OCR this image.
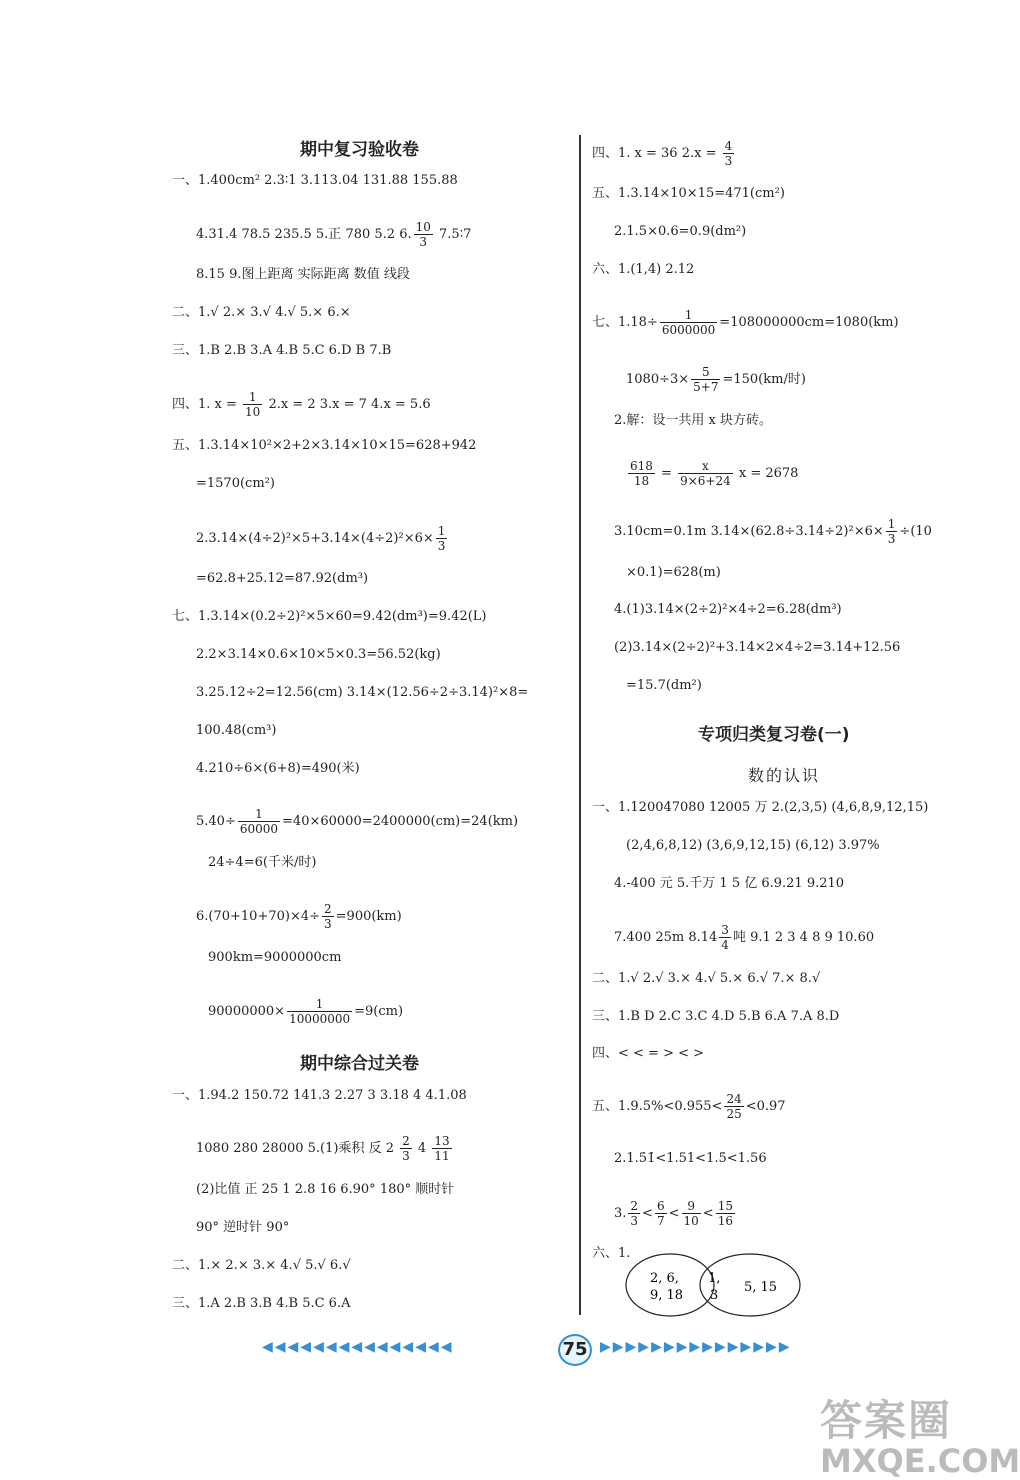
期中复习验收卷
期中综合过关卷
一、1.400cm² 2.3∶1 3.113.04 131.88 155.88
4.31.4 78.5 235.5 5.正 780 5.2 6. $\frac{10}{3}$ 7.5∶7
8.15 9.图上距离 实际距离 数值 线段
二、1.√ 2.× 3.√ 4.√ 5.× 6.×
三、1.B 2.B 3.A 4.B 5.C 6.D B 7.B
四、1. $x = \frac{1}{10} 2.x = 2$ 3.x = 7 4.x = 5.6
五、1.3.14×10²×2+2×3.14×10×15=628+942
=1570(cm²)
$2.3.14\times(4\div 2)^2\times 5+3.14\times(4\div 2)^2\times 6\times \frac{1}{3}$
=62.8+25.12=87.92(dm³)
七、1.3.14×(0.2÷2)²×5×60=9.42(dm³)=9.42(L)
2.2×3.14×0.6×10×5×0.3=56.52(kg)
3.25.12÷2=12.56(cm) 3.14×(12.56÷2÷3.14)²×8=
100.48(cm³)
4.210÷6×(6+8)=490(米)
$5.40\div \frac{1}{60000} =40\times 60000=2400000(cm)=24(km)$
24÷4=6(千米/时)
$6.(70+10+70)\times 4\div \frac{2}{3} =900(km)$
900km=9000000cm
$90000000\times \frac{1}{10000000} =9(cm)$
一、1.94.2 150.72 141.3 2.27 3 3.18 4 4.1.08
1080 280 28000 5.(1)乘积 反 $2 \frac{2}{3} 4 \frac{13}{11}$
(2)比值 正 25 1 2.8 16 6.90° 180° 顺时针
90° 逆时针 90°
二、1.× 2.× 3.× 4.√ 5.√ 6.√
三、1.A 2.B 3.B 4.B 5.C 6.A
专项归类复习卷(一)
数的认识
四、1. x = 36 $2.x = \frac{4}{3}$
五、1.3.14×10×15=471(cm²)
2.1.5×0.6=0.9(dm²)
六、1.(1,4) 2.12
七、$1.18\div \frac{1}{6000000} =108000000cm=1080(km)$
$1080\div 3\times \frac{5}{5+7} =150(km/$时)
2.解：设一共用 x 块方砖。
$\frac{618}{18} = \frac{x}{9\times 6+24}$ x = 2678
3.10cm=0.1m $3.14\times(62.8\div 3.14\div 2)^2\times 6\times \frac{1}{3} \div(10$
×0.1)=628(m)
4.(1)3.14×(2÷2)²×4÷2=6.28(dm³)
(2)3.14×(2÷2)²+3.14×2×4÷2=3.14+12.56
=15.7(dm²)
一、1.120047080 12005 万 2.(2,3,5) (4,6,8,9,12,15)
(2,4,6,8,12) (3,6,9,12,15) (6,12) 3.97%
4.-400 元 5.千万 1 5 亿 6.9.21 9.210
7.400 25m $8.14 \frac{3}{4}$ 吨 9.1 2 3 4 8 9 10.60
二、1.√ 2.√ 3.× 4.√ 5.× 6.√ 7.× 8.√
三、1.B D 2.C 3.C 4.D 5.B 6.A 7.A 8.D
四、< < = > < >
五、$1.9.5\%<0.955< \frac{24}{25} <0.97$
2.1.5̇1̇<1.51<1.5̇<1.56
3. $\frac{2}{3} < \frac{6}{7} < \frac{9}{10} < \frac{15}{16}$
六、1.
2, 6,
9, 18
1,
3
5, 15
◀◀◀◀◀◀◀◀◀◀◀◀◀◀◀	75 ▶▶▶▶▶▶▶▶▶▶▶▶▶▶▶
答案圈
MXQE.COM
